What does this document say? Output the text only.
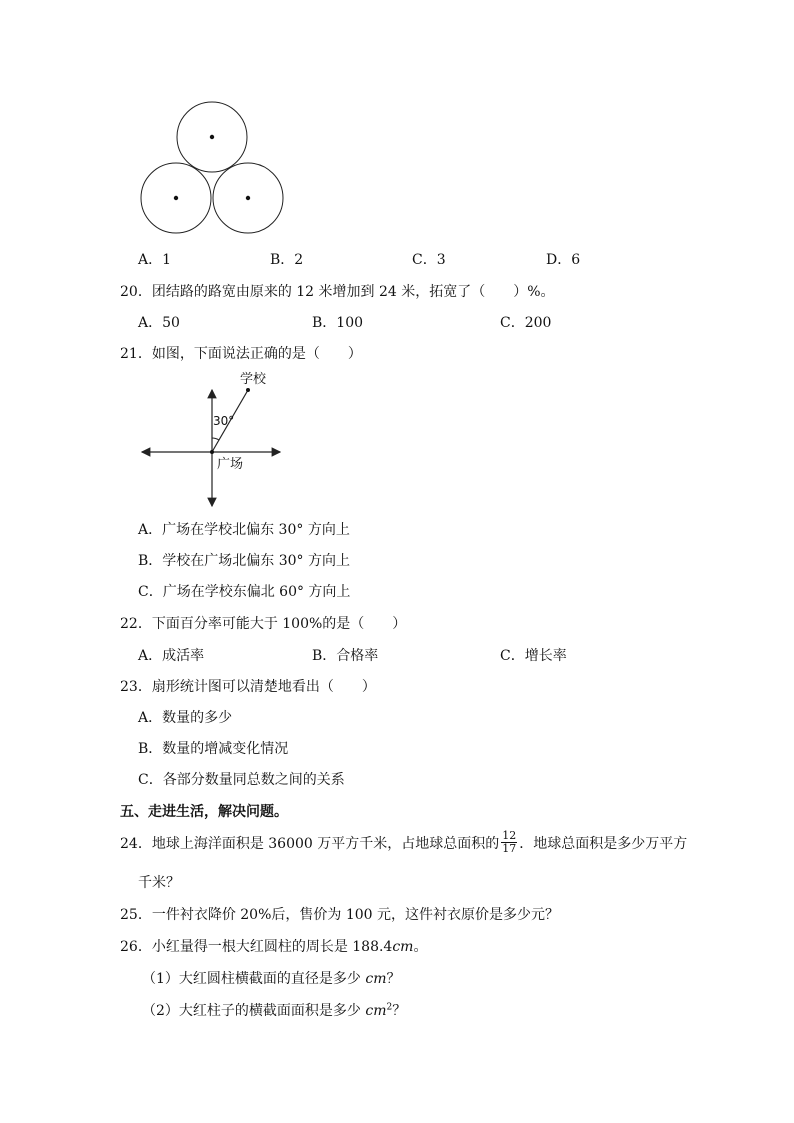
A．1	B．2	C．3	D．6
20．团结路的路宽由原来的 12 米增加到 24 米，拓宽了（　　）%。
A．50	B．100	C．200
21．如图，下面说法正确的是（　　）
30°
学校
广场
A．广场在学校北偏东 30° 方向上
B．学校在广场北偏东 30° 方向上
C．广场在学校东偏北 60° 方向上
22．下面百分率可能大于 100%的是（　　）
A．成活率	B．合格率	C．增长率
23．扇形统计图可以清楚地看出（　　）
A．数量的多少
B．数量的增减变化情况
C．各部分数量同总数之间的关系
五、走进生活，解决问题。
24．地球上海洋面积是 36000 万平方千米，占地球总面积的 $\frac{12}{17}$ ．地球总面积是多少万平方
千米？
25．一件衬衣降价 20%后，售价为 100 元，这件衬衣原价是多少元？
26．小红量得一根大红圆柱的周长是 188.4cm。
（1）大红圆柱横截面的直径是多少 cm？
（2）大红柱子的横截面面积是多少 $cm^2$？
